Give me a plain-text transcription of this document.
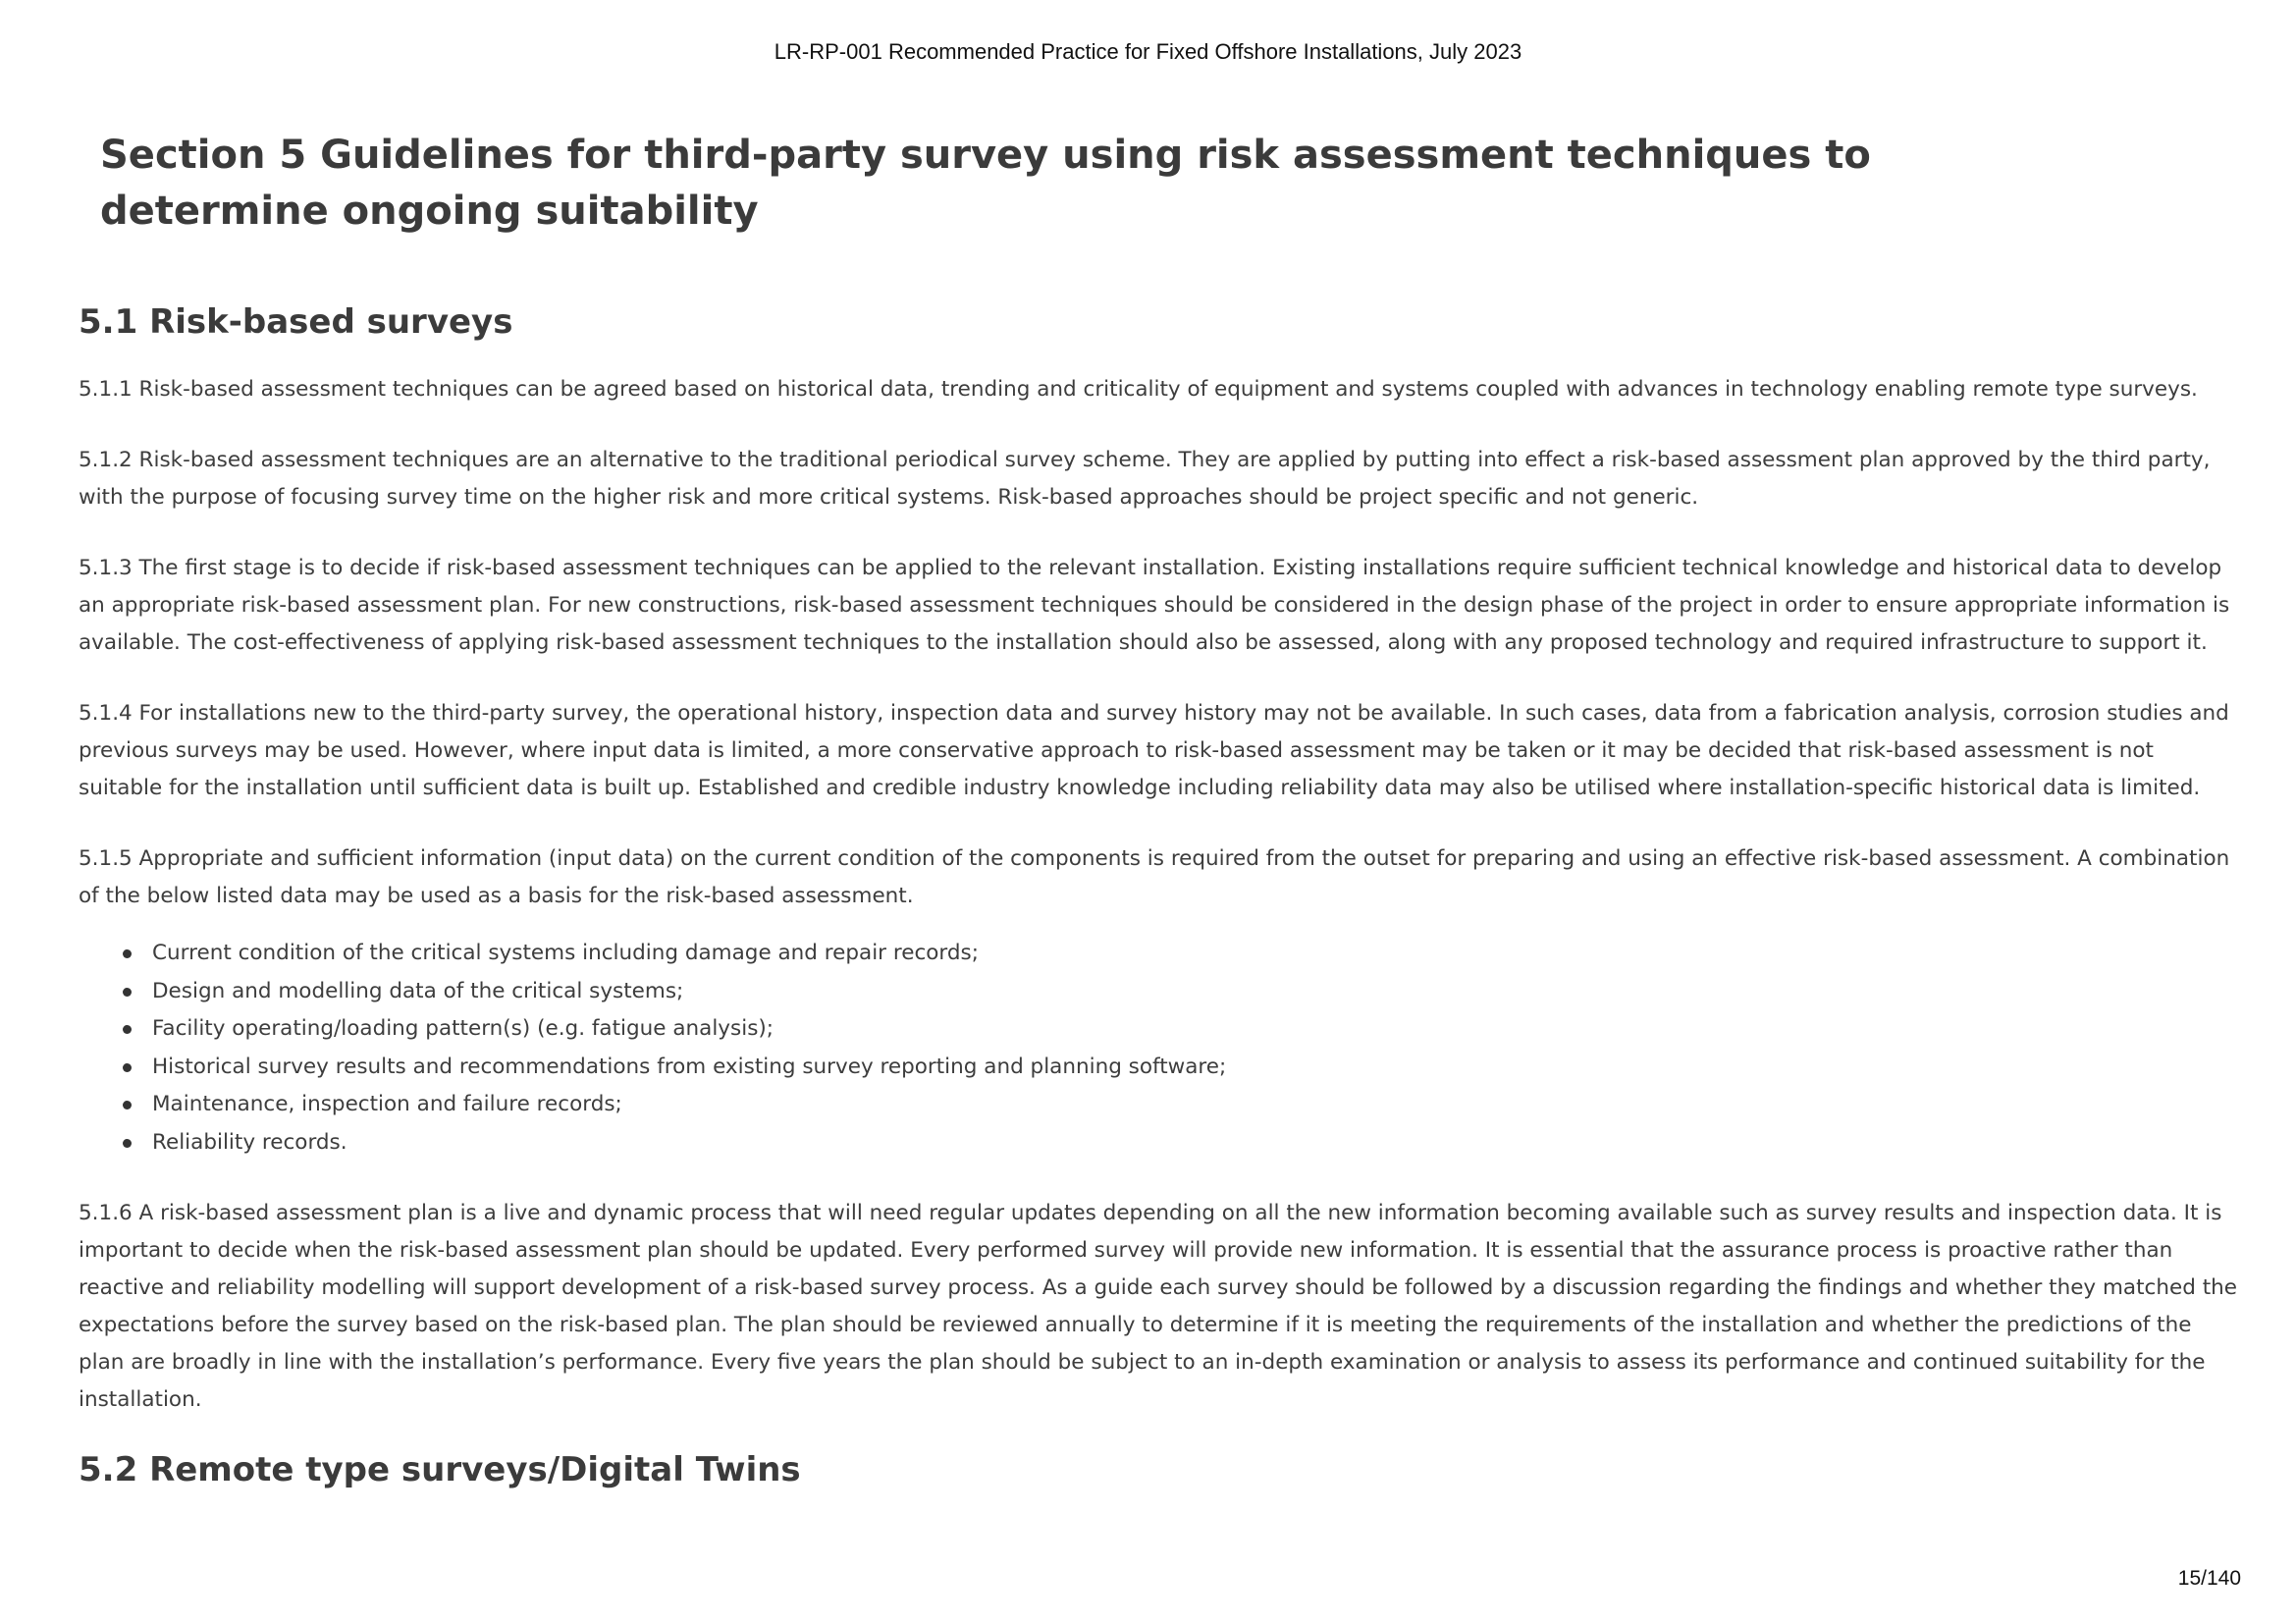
LR-RP-001 Recommended Practice for Fixed Offshore Installations, July 2023
Section 5 Guidelines for third-party survey using risk assessment techniques to determine ongoing suitability
5.1 Risk-based surveys

5.1.1 Risk-based assessment techniques can be agreed based on historical data, trending and criticality of equipment and systems coupled with advances in technology enabling remote type surveys.

5.1.2 Risk-based assessment techniques are an alternative to the traditional periodical survey scheme. They are applied by putting into effect a risk-based assessment plan approved by the third party, with the purpose of focusing survey time on the higher risk and more critical systems. Risk-based approaches should be project specific and not generic.

5.1.3 The first stage is to decide if risk-based assessment techniques can be applied to the relevant installation. Existing installations require sufficient technical knowledge and historical data to develop an appropriate risk-based assessment plan. For new constructions, risk-based assessment techniques should be considered in the design phase of the project in order to ensure appropriate information is available. The cost-effectiveness of applying risk-based assessment techniques to the installation should also be assessed, along with any proposed technology and required infrastructure to support it.

5.1.4 For installations new to the third-party survey, the operational history, inspection data and survey history may not be available. In such cases, data from a fabrication analysis, corrosion studies and previous surveys may be used. However, where input data is limited, a more conservative approach to risk-based assessment may be taken or it may be decided that risk-based assessment is not suitable for the installation until sufficient data is built up. Established and credible industry knowledge including reliability data may also be utilised where installation-specific historical data is limited.

5.1.5 Appropriate and sufficient information (input data) on the current condition of the components is required from the outset for preparing and using an effective risk-based assessment. A combination of the below listed data may be used as a basis for the risk-based assessment.

Current condition of the critical systems including damage and repair records;
Design and modelling data of the critical systems;
Facility operating/loading pattern(s) (e.g. fatigue analysis);
Historical survey results and recommendations from existing survey reporting and planning software;
Maintenance, inspection and failure records;
Reliability records.

5.1.6 A risk-based assessment plan is a live and dynamic process that will need regular updates depending on all the new information becoming available such as survey results and inspection data. It is important to decide when the risk-based assessment plan should be updated. Every performed survey will provide new information. It is essential that the assurance process is proactive rather than reactive and reliability modelling will support development of a risk-based survey process. As a guide each survey should be followed by a discussion regarding the findings and whether they matched the expectations before the survey based on the risk-based plan. The plan should be reviewed annually to determine if it is meeting the requirements of the installation and whether the predictions of the plan are broadly in line with the installation’s performance. Every five years the plan should be subject to an in-depth examination or analysis to assess its performance and continued suitability for the installation.

5.2 Remote type surveys/Digital Twins
15/140
